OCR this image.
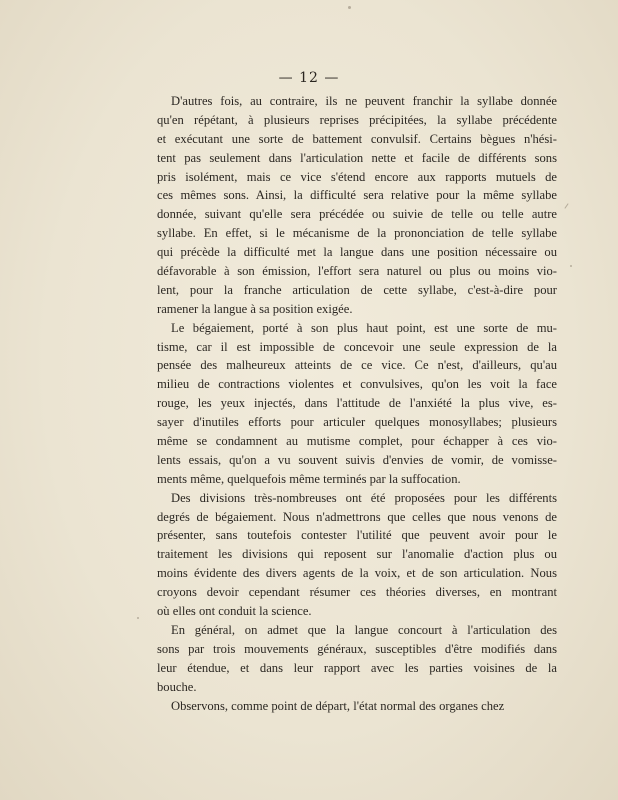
— 12 —
D'autres fois, au contraire, ils ne peuvent franchir la syllabe donnée
qu'en répétant, à plusieurs reprises précipitées, la syllabe précédente
et exécutant une sorte de battement convulsif. Certains bègues n'hési-
tent pas seulement dans l'articulation nette et facile de différents sons
pris isolément, mais ce vice s'étend encore aux rapports mutuels de
ces mêmes sons. Ainsi, la difficulté sera relative pour la même syllabe
donnée, suivant qu'elle sera précédée ou suivie de telle ou telle autre
syllabe. En effet, si le mécanisme de la prononciation de telle syllabe
qui précède la difficulté met la langue dans une position nécessaire ou
défavorable à son émission, l'effort sera naturel ou plus ou moins vio-
lent, pour la franche articulation de cette syllabe, c'est-à-dire pour
ramener la langue à sa position exigée.
Le bégaiement, porté à son plus haut point, est une sorte de mu-
tisme, car il est impossible de concevoir une seule expression de la
pensée des malheureux atteints de ce vice. Ce n'est, d'ailleurs, qu'au
milieu de contractions violentes et convulsives, qu'on les voit la face
rouge, les yeux injectés, dans l'attitude de l'anxiété la plus vive, es-
sayer d'inutiles efforts pour articuler quelques monosyllabes; plusieurs
même se condamnent au mutisme complet, pour échapper à ces vio-
lents essais, qu'on a vu souvent suivis d'envies de vomir, de vomisse-
ments même, quelquefois même terminés par la suffocation.
Des divisions très-nombreuses ont été proposées pour les différents
degrés de bégaiement. Nous n'admettrons que celles que nous venons de
présenter, sans toutefois contester l'utilité que peuvent avoir pour le
traitement les divisions qui reposent sur l'anomalie d'action plus ou
moins évidente des divers agents de la voix, et de son articulation. Nous
croyons devoir cependant résumer ces théories diverses, en montrant
où elles ont conduit la science.
En général, on admet que la langue concourt à l'articulation des
sons par trois mouvements généraux, susceptibles d'être modifiés dans
leur étendue, et dans leur rapport avec les parties voisines de la
bouche.
Observons, comme point de départ, l'état normal des organes chez
